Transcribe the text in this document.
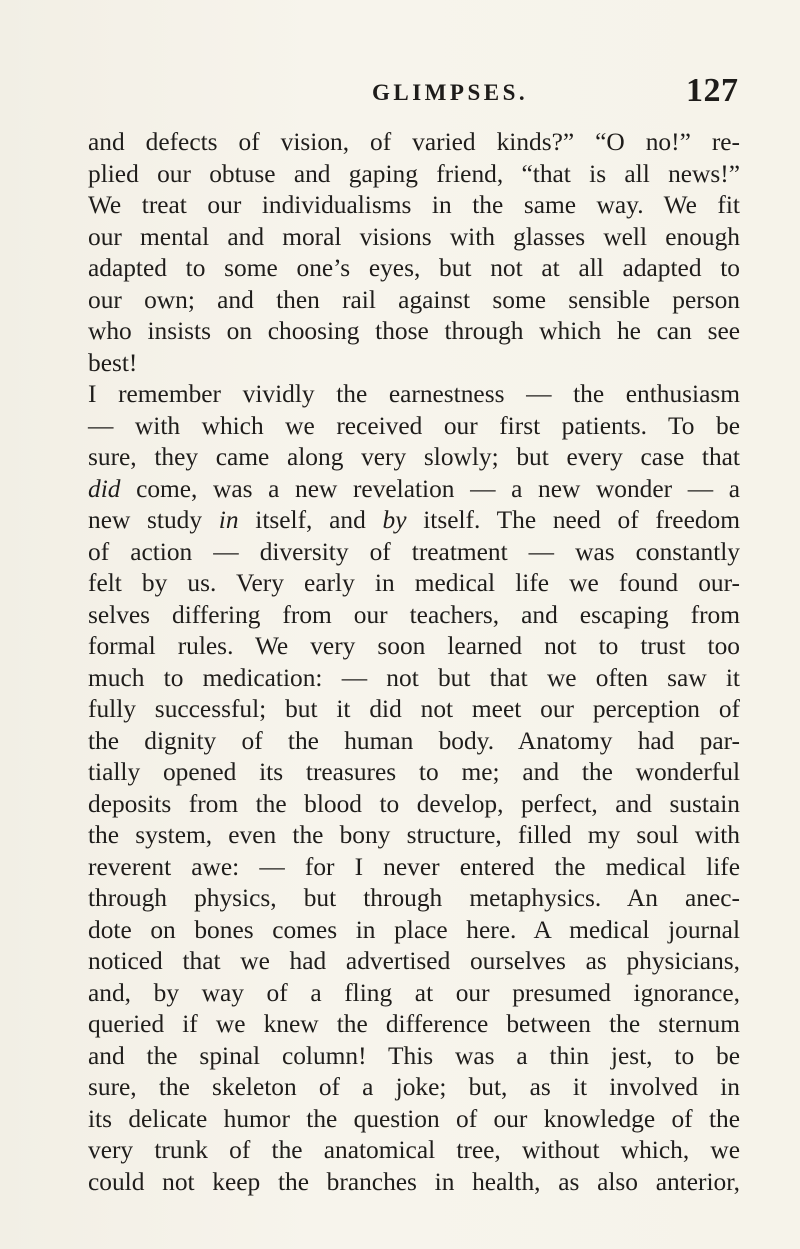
GLIMPSES.	127
and defects of vision, of varied kinds?” “O no!” re-
plied our obtuse and gaping friend, “that is all news!”
We treat our individualisms in the same way. We fit
our mental and moral visions with glasses well enough
adapted to some one’s eyes, but not at all adapted to
our own; and then rail against some sensible person
who insists on choosing those through which he can see
best!
I remember vividly the earnestness — the enthusiasm
— with which we received our first patients. To be
sure, they came along very slowly; but every case that
did come, was a new revelation — a new wonder — a
new study in itself, and by itself. The need of freedom
of action — diversity of treatment — was constantly
felt by us. Very early in medical life we found our-
selves differing from our teachers, and escaping from
formal rules. We very soon learned not to trust too
much to medication: — not but that we often saw it
fully successful; but it did not meet our perception of
the dignity of the human body. Anatomy had par-
tially opened its treasures to me; and the wonderful
deposits from the blood to develop, perfect, and sustain
the system, even the bony structure, filled my soul with
reverent awe: — for I never entered the medical life
through physics, but through metaphysics. An anec-
dote on bones comes in place here. A medical journal
noticed that we had advertised ourselves as physicians,
and, by way of a fling at our presumed ignorance,
queried if we knew the difference between the sternum
and the spinal column! This was a thin jest, to be
sure, the skeleton of a joke; but, as it involved in
its delicate humor the question of our knowledge of the
very trunk of the anatomical tree, without which, we
could not keep the branches in health, as also anterior,
